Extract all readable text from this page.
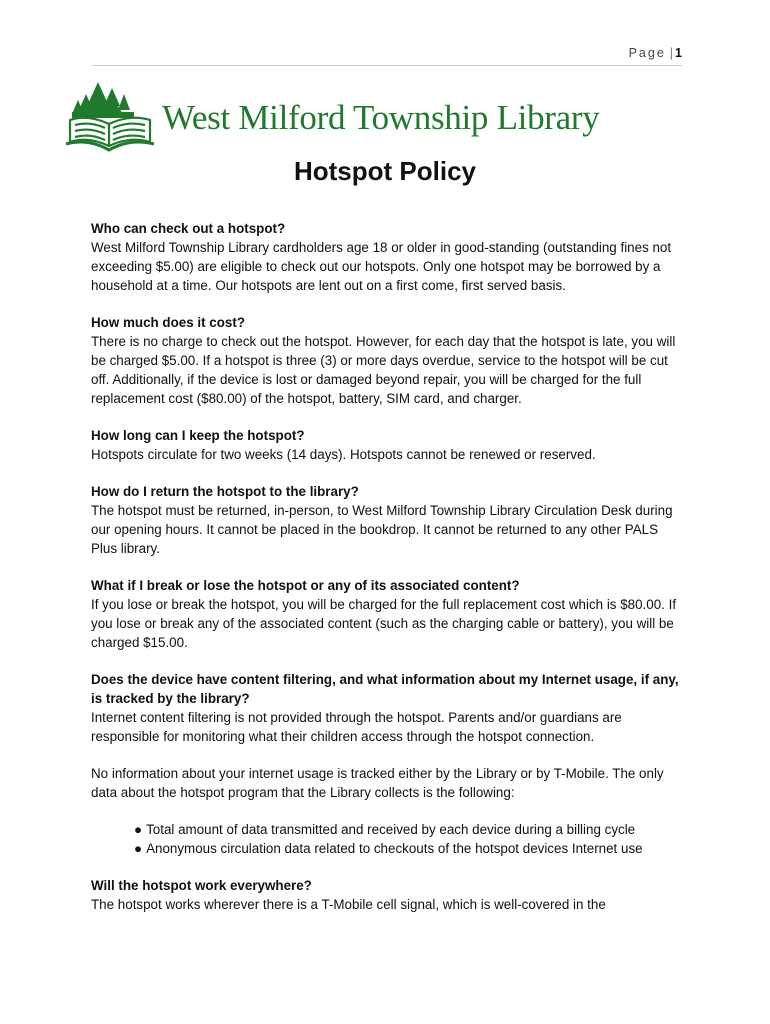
Page | 1
West Milford Township Library
Hotspot Policy
Who can check out a hotspot?

West Milford Township Library cardholders age 18 or older in good-standing (outstanding fines not exceeding $5.00) are eligible to check out our hotspots. Only one hotspot may be borrowed by a household at a time. Our hotspots are lent out on a first come, first served basis.

How much does it cost?

There is no charge to check out the hotspot. However, for each day that the hotspot is late, you will be charged $5.00. If a hotspot is three (3) or more days overdue, service to the hotspot will be cut off. Additionally, if the device is lost or damaged beyond repair, you will be charged for the full replacement cost ($80.00) of the hotspot, battery, SIM card, and charger.

How long can I keep the hotspot?

Hotspots circulate for two weeks (14 days). Hotspots cannot be renewed or reserved.

How do I return the hotspot to the library?

The hotspot must be returned, in-person, to West Milford Township Library Circulation Desk during our opening hours. It cannot be placed in the bookdrop. It cannot be returned to any other PALS Plus library.

What if I break or lose the hotspot or any of its associated content?

If you lose or break the hotspot, you will be charged for the full replacement cost which is $80.00. If you lose or break any of the associated content (such as the charging cable or battery), you will be charged $15.00.

Does the device have content filtering, and what information about my Internet usage, if any, is tracked by the library?

Internet content filtering is not provided through the hotspot. Parents and/or guardians are responsible for monitoring what their children access through the hotspot connection.

No information about your internet usage is tracked either by the Library or by T-Mobile. The only data about the hotspot program that the Library collects is the following:

● Total amount of data transmitted and received by each device during a billing cycle
● Anonymous circulation data related to checkouts of the hotspot devices Internet use
Will the hotspot work everywhere?

The hotspot works wherever there is a T-Mobile cell signal, which is well-covered in the
